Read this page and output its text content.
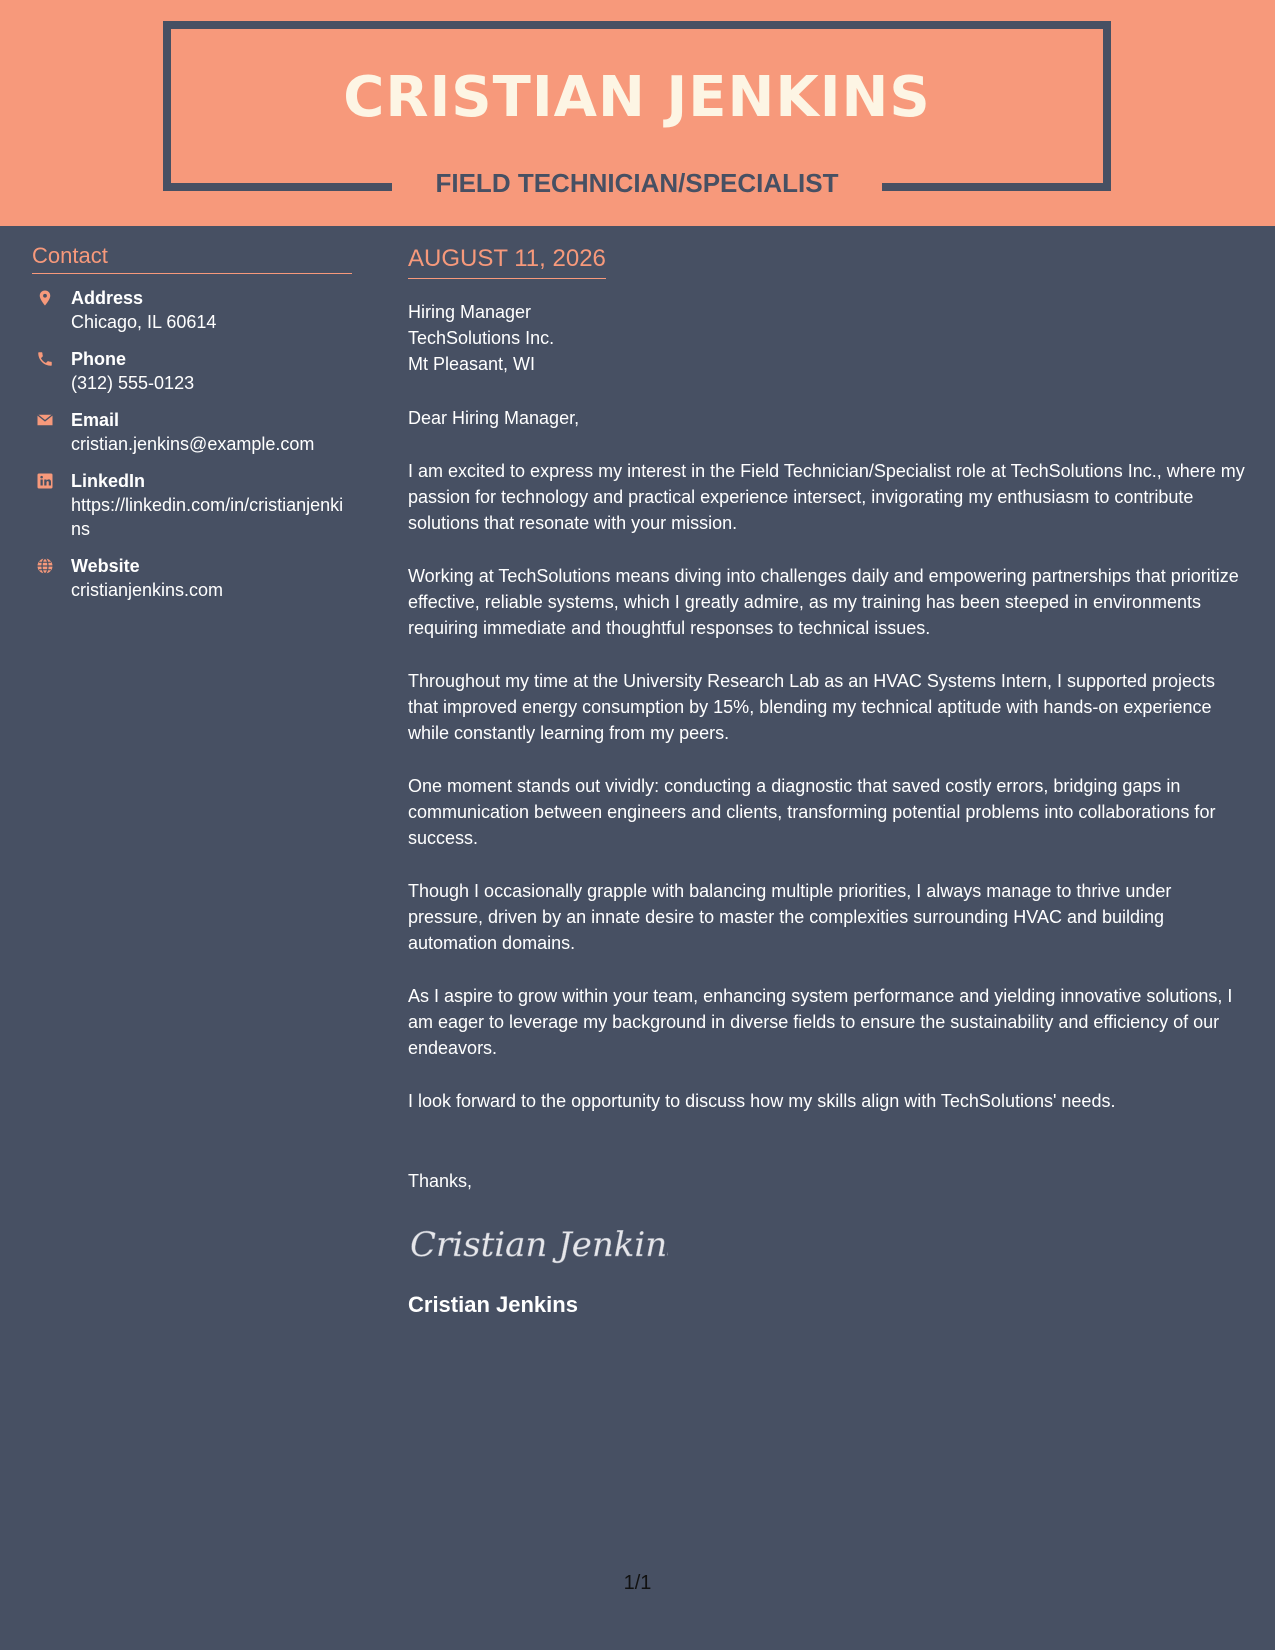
CRISTIAN JENKINS
FIELD TECHNICIAN/SPECIALIST
Contact
Address
Chicago, IL 60614
Phone
(312) 555-0123
Email
cristian.jenkins@example.com
LinkedIn
https://linkedin.com/in/cristianjenkins
Website
cristianjenkins.com
AUGUST 11, 2026
Hiring Manager
TechSolutions Inc.
Mt Pleasant, WI
Dear Hiring Manager,
I am excited to express my interest in the Field Technician/Specialist role at TechSolutions Inc., where my passion for technology and practical experience intersect, invigorating my enthusiasm to contribute solutions that resonate with your mission.
Working at TechSolutions means diving into challenges daily and empowering partnerships that prioritize effective, reliable systems, which I greatly admire, as my training has been steeped in environments requiring immediate and thoughtful responses to technical issues.
Throughout my time at the University Research Lab as an HVAC Systems Intern, I supported projects that improved energy consumption by 15%, blending my technical aptitude with hands-on experience while constantly learning from my peers.
One moment stands out vividly: conducting a diagnostic that saved costly errors, bridging gaps in communication between engineers and clients, transforming potential problems into collaborations for success.
Though I occasionally grapple with balancing multiple priorities, I always manage to thrive under pressure, driven by an innate desire to master the complexities surrounding HVAC and building automation domains.
As I aspire to grow within your team, enhancing system performance and yielding innovative solutions, I am eager to leverage my background in diverse fields to ensure the sustainability and efficiency of our endeavors.
I look forward to the opportunity to discuss how my skills align with TechSolutions' needs.
Thanks,
Cristian Jenkins
Cristian Jenkins
1/1
